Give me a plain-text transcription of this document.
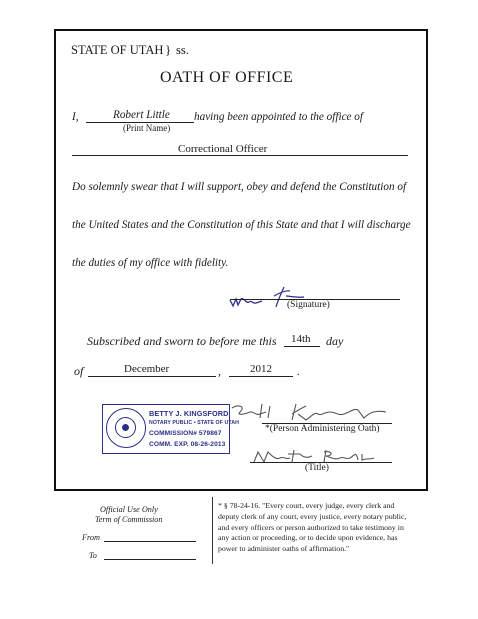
STATE OF UTAH } ss.
OATH OF OFFICE
I,	Robert Little
(Print Name)
having been appointed to the office of
Correctional Officer
Do solemnly swear that I will support, obey and defend the Constitution of
the United States and the Constitution of this State and that I will discharge
the duties of my office with fidelity.
(Signature)
Subscribed and sworn to before me this 14th day
of	December	,	2012 .
BETTY J. KINGSFORD
NOTARY PUBLIC • STATE OF UTAH
COMMISSION# 579867
COMM. EXP. 08-26-2013
*(Person Administering Oath)
(Title)
Official Use Only
Term of Commission
From
To
* § 78-24-16. "Every court, every judge, every clerk and deputy clerk of any court, every justice, every notary public, and every officers or person authorized to take testimony in any action or proceeding, or to decide upon evidence, has power to administer oaths of affirmation."
